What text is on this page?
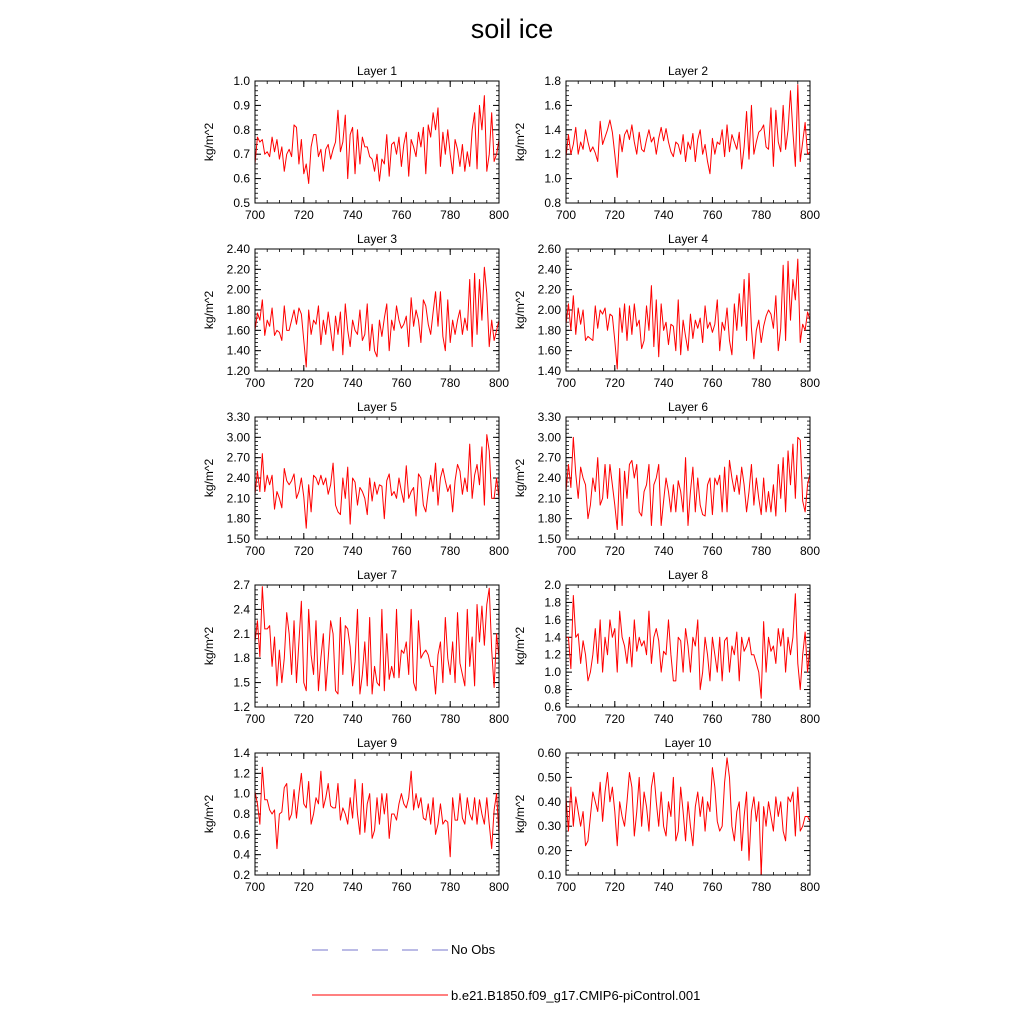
soil ice
Layer 1
kg/m^2
700 720 740 760 780 800
0.5
0.6
0.7
0.8
0.9
1.0
Layer 2
kg/m^2
700 720 740 760 780 800
0.8
1.0
1.2
1.4
1.6
1.8
Layer 3
kg/m^2
700 720 740 760 780 800
1.20
1.40
1.60
1.80
2.00
2.20
2.40
Layer 4
kg/m^2
700 720 740 760 780 800
1.40
1.60
1.80
2.00
2.20
2.40
2.60
Layer 5
kg/m^2
700 720 740 760 780 800
1.50
1.80
2.10
2.40
2.70
3.00
3.30
Layer 6
kg/m^2
700 720 740 760 780 800
1.50
1.80
2.10
2.40
2.70
3.00
3.30
Layer 7
kg/m^2
700 720 740 760 780 800
1.2
1.5
1.8
2.1
2.4
2.7
Layer 8
kg/m^2
700 720 740 760 780 800
0.6
0.8
1.0
1.2
1.4
1.6
1.8
2.0
Layer 9
kg/m^2
700 720 740 760 780 800
0.2
0.4
0.6
0.8
1.0
1.2
1.4
Layer 10
kg/m^2
700 720 740 760 780 800
0.10
0.20
0.30
0.40
0.50
0.60
No Obs
b.e21.B1850.f09_g17.CMIP6-piControl.001
